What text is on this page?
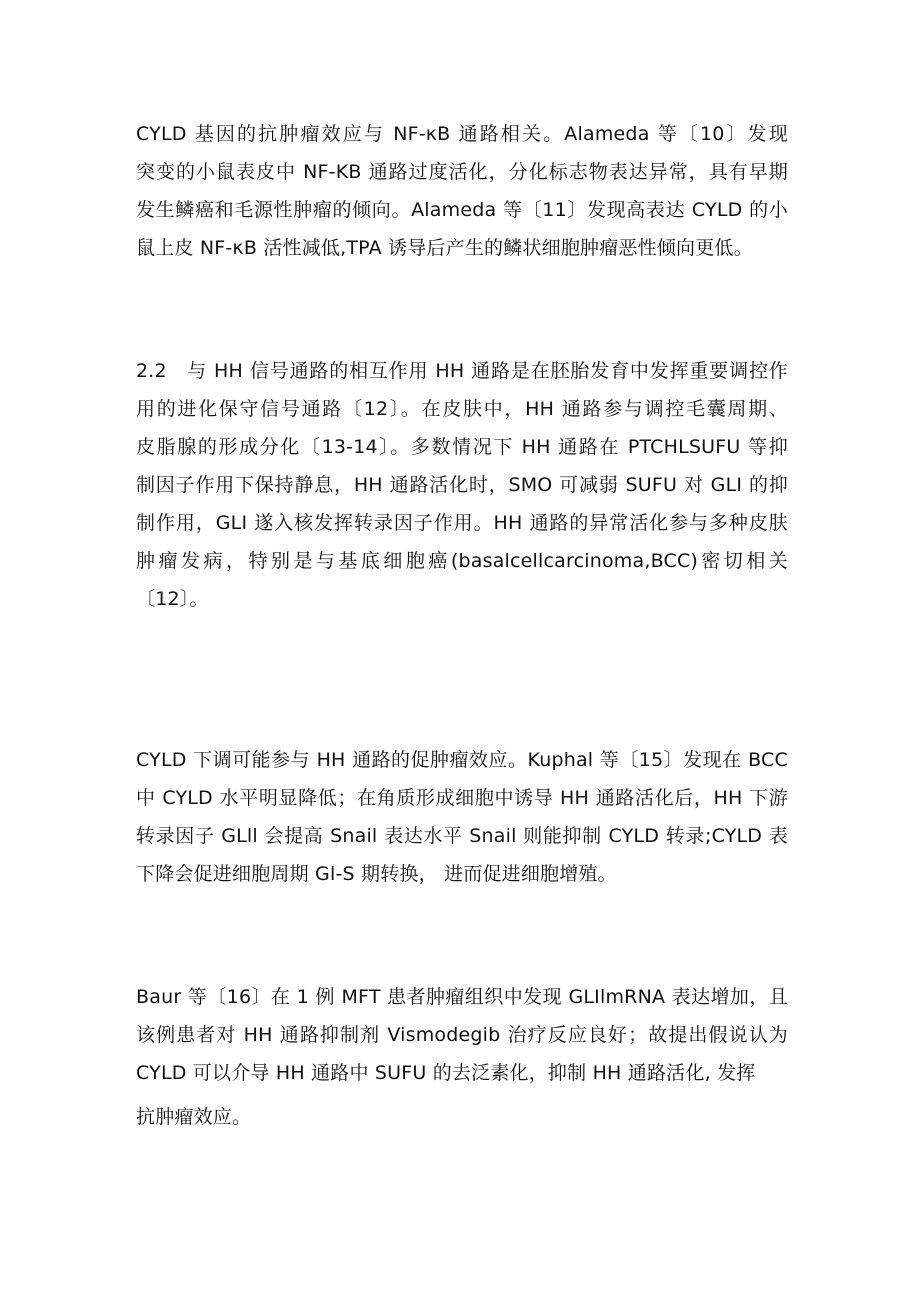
CYLD 基因的抗肿瘤效应与 NF-κB 通路相关。Alameda 等〔10〕发现
突变的小鼠表皮中 NF-KB 通路过度活化，分化标志物表达异常，具有早期
发生鳞癌和毛源性肿瘤的倾向。Alameda 等〔11〕发现高表达 CYLD 的小
鼠上皮 NF-κB 活性减低,TPA 诱导后产生的鳞状细胞肿瘤恶性倾向更低。
2.2　与 HH 信号通路的相互作用 HH 通路是在胚胎发育中发挥重要调控作
用的进化保守信号通路〔12〕。在皮肤中，HH 通路参与调控毛囊周期、
皮脂腺的形成分化〔13-14〕。多数情况下 HH 通路在 PTCHLSUFU 等抑
制因子作用下保持静息，HH 通路活化时，SMO 可减弱 SUFU 对 GLI 的抑
制作用，GLI 遂入核发挥转录因子作用。HH 通路的异常活化参与多种皮肤
肿瘤发病，特别是与基底细胞癌(basalcellcarcinoma,BCC)密切相关
〔12〕。
CYLD 下调可能参与 HH 通路的促肿瘤效应。Kuphal 等〔15〕发现在 BCC
中 CYLD 水平明显降低；在角质形成细胞中诱导 HH 通路活化后，HH 下游
转录因子 GLll 会提高 Snail 表达水平 Snail 则能抑制 CYLD 转录;CYLD 表
下降会促进细胞周期 Gl-S 期转换， 进而促进细胞增殖。
Baur 等〔16〕在 1 例 MFT 患者肿瘤组织中发现 GLIlmRNA 表达增加，且
该例患者对 HH 通路抑制剂 Vismodegib 治疗反应良好；故提出假说认为
CYLD 可以介导 HH 通路中 SUFU 的去泛素化，抑制 HH 通路活化, 发挥
抗肿瘤效应。
